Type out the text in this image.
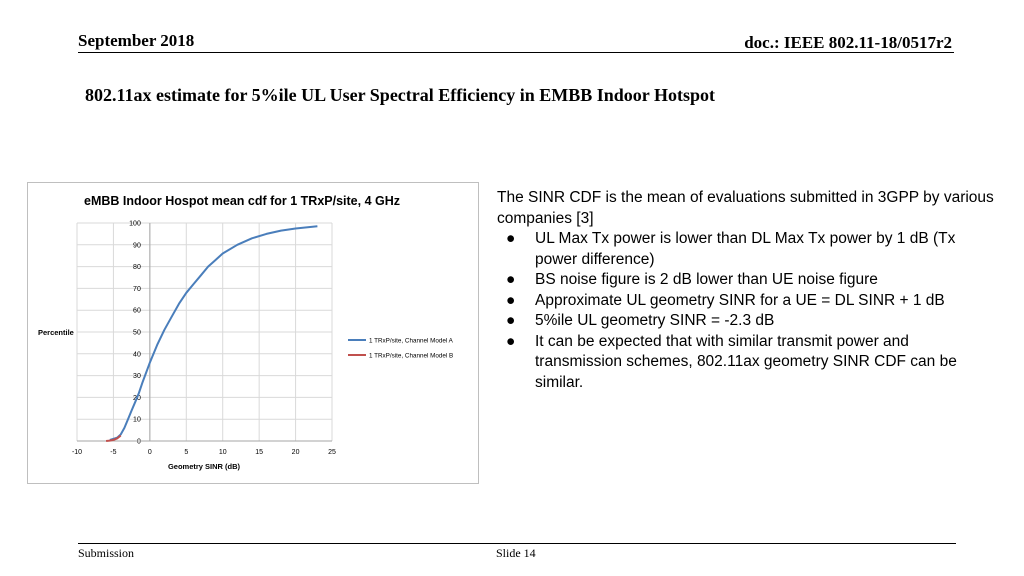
September 2018	doc.: IEEE 802.11-18/0517r2
802.11ax estimate for 5%ile UL User Spectral Efficiency in EMBB Indoor Hotspot
eMBB Indoor Hospot mean cdf for 1 TRxP/site, 4 GHz
-10	-5	0	5	10	15	20	25
0
10
20
30
40
50
60
70
80
90
100
1 TRxP/site, Channel Model A
1 TRxP/site, Channel Model B
Percentile
Geometry SINR (dB)

The SINR CDF is the mean of evaluations submitted in 3GPP by various companies [3]

● UL Max Tx power is lower than DL Max Tx power by 1 dB (Tx power difference)
● BS noise figure is 2 dB lower than UE noise figure
● Approximate UL geometry SINR for a UE = DL SINR + 1 dB
● 5%ile UL geometry SINR = -2.3 dB
● It can be expected that with similar transmit power and transmission schemes, 802.11ax geometry SINR CDF can be similar.
Submission	Slide 14
